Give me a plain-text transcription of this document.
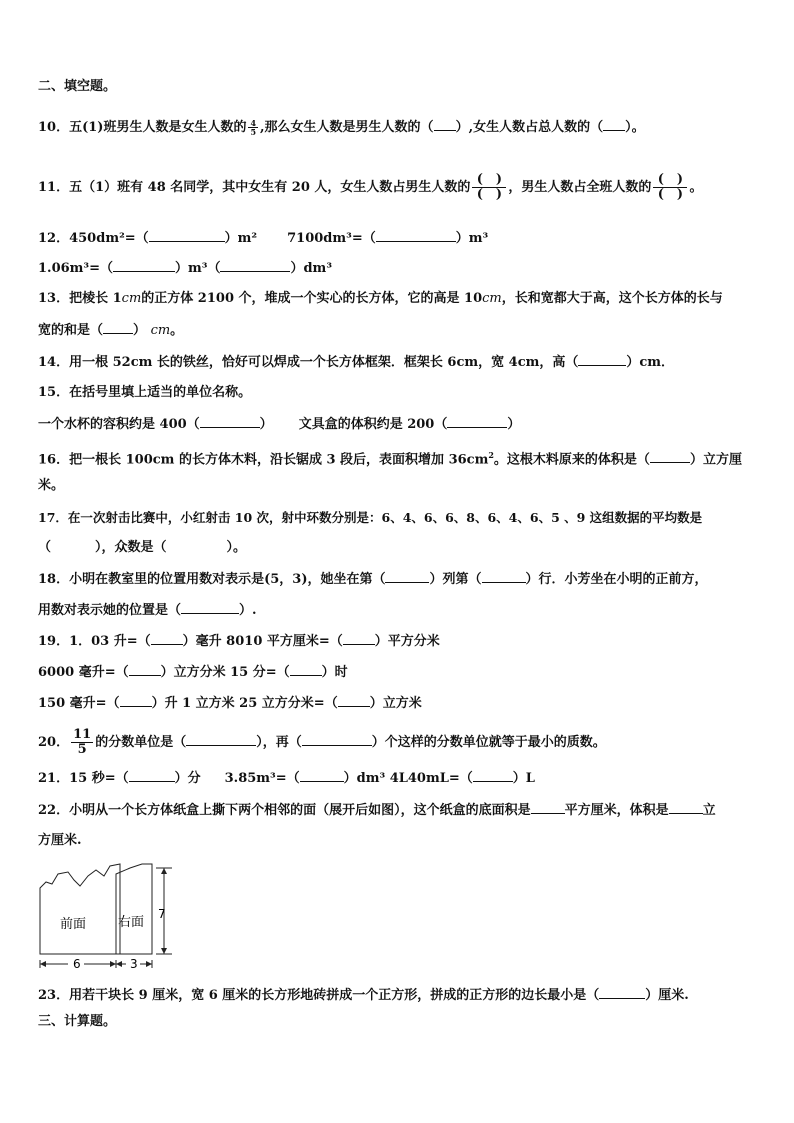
二、填空题。
10．五(1)班男生人数是女生人数的 $\frac{4}{5}$ ,那么女生人数是男生人数的（ ）,女生人数占总人数的（ ）。
11．五（1）班有 48 名同学，其中女生有 20 人，女生人数占男生人数的 $\frac{( )}{( )}$ ，男生人数占全班人数的 $\frac{( )}{( )}$ 。
12．450dm²=（	）m² 7100dm³=（	）m³
1.06m³=（	）m³（	）dm³
13．把棱长 1cm的正方体 2100 个，堆成一个实心的长方体，它的高是 10cm，长和宽都大于高，这个长方体的长与
宽的和是（ ） cm。
14．用一根 52cm 长的铁丝，恰好可以焊成一个长方体框架．框架长 6cm，宽 4cm，高（	）cm．
15．在括号里填上适当的单位名称。
一个水杯的容积约是 400（	） 文具盒的体积约是 200（	）
16．把一根长 100cm 的长方体木料，沿长锯成 3 段后，表面积增加 $36cm^2$。这根木料原来的体积是（	）立方厘
米。
17．在一次射击比赛中，小红射击 10 次，射中环数分别是：6、4、6、6、8、6、4、6、5 、9 这组数据的平均数是
（	），众数是（	）。
18．小明在教室里的位置用数对表示是(5，3)，她坐在第（	）列第（	）行．小芳坐在小明的正前方，
用数对表示她的位置是（	）.
19．1．03 升=（ ）毫升 8010 平方厘米=（ ）平方分米
6000 毫升=（ ）立方分米 15 分=（ ）时
150 毫升=（ ）升 1 立方米 25 立方分米=（ ）立方米
20． $\frac{11}{5}$ 的分数单位是（	），再（	）个这样的分数单位就等于最小的质数。
21．15 秒=（	）分 3.85m³=（	）dm³ 4L40mL=（	）L
22．小明从一个长方体纸盒上撕下两个相邻的面（展开后如图），这个纸盒的底面积是	平方厘米，体积是	立
方厘米.
前面 右面
7
6	3
23．用若干块长 9 厘米，宽 6 厘米的长方形地砖拼成一个正方形，拼成的正方形的边长最小是（	）厘米.
三、计算题。
